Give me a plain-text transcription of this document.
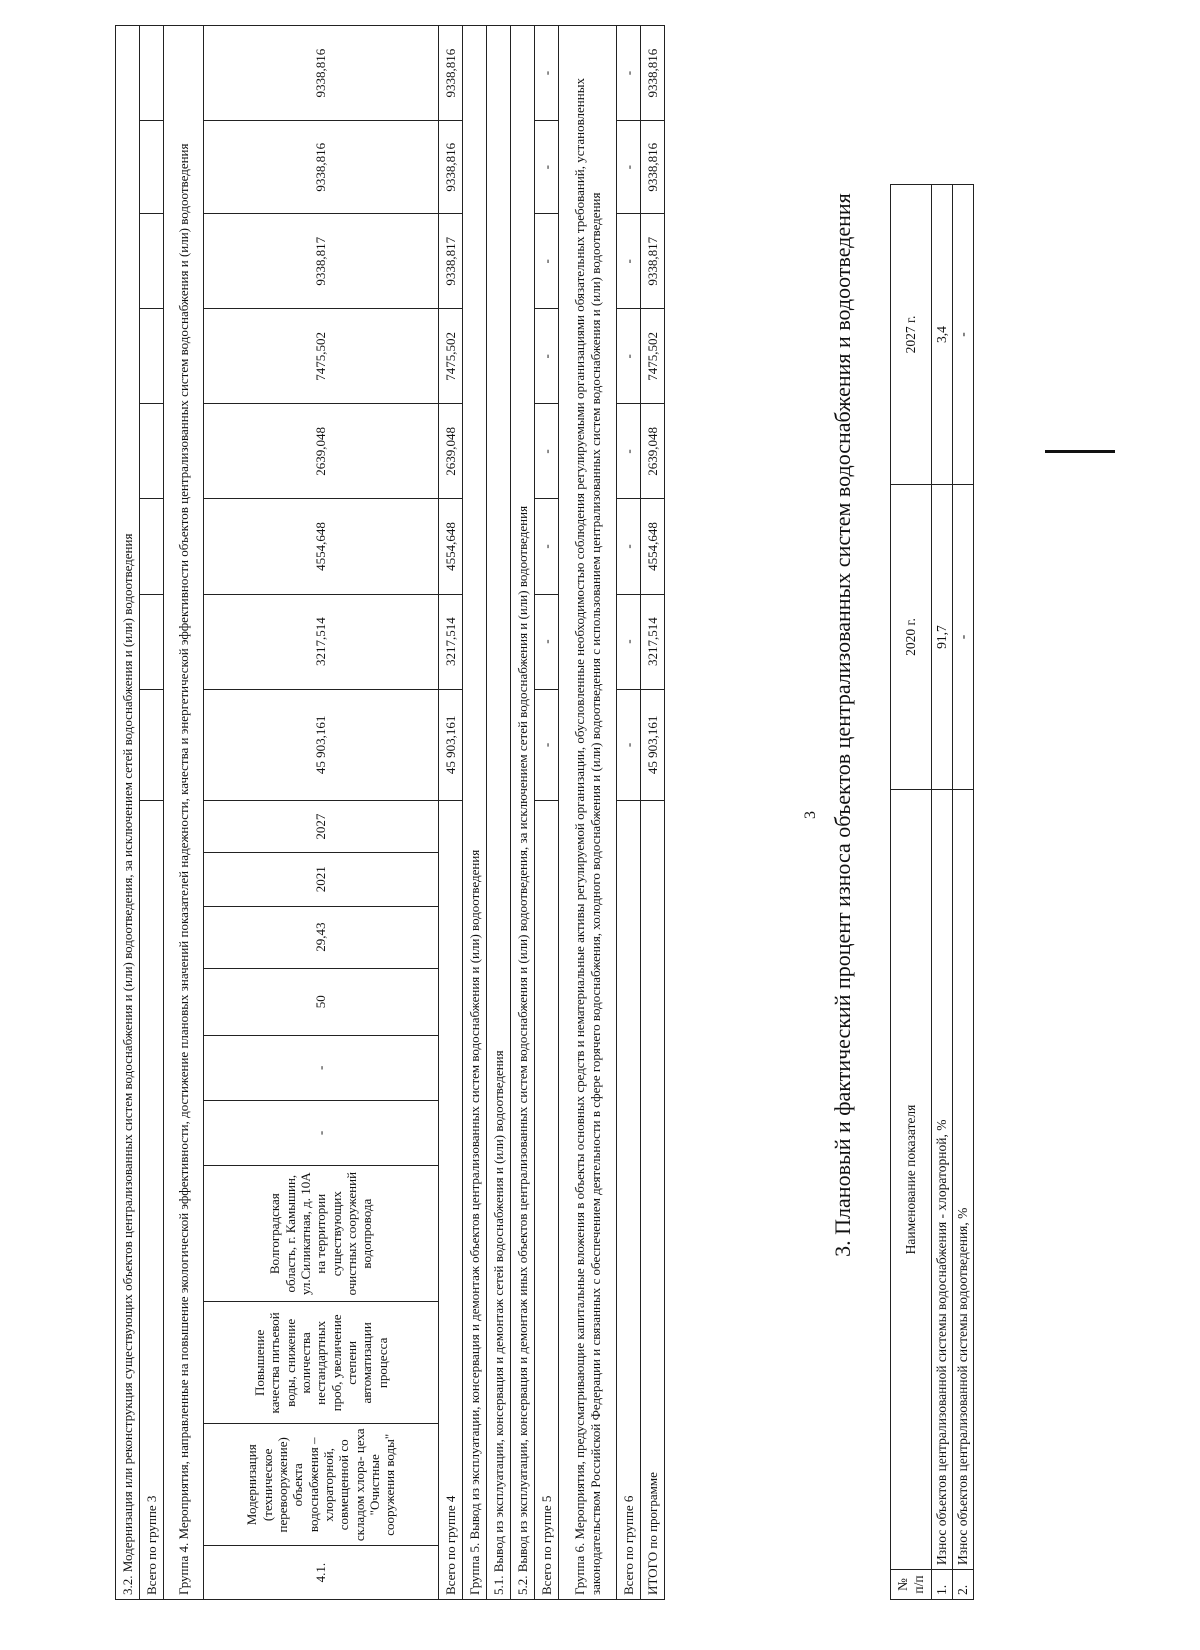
3
3.2. Модернизация или реконструкция существующих объектов централизованных систем водоснабжения и (или) водоотведения, за исключением сетей водоснабжения и (или) водоотведения																	
Всего по группе 3																	
Группа 4. Мероприятия, направленные на повышение экологической эффективности, достижение плановых значений показателей надежности, качества и энергетической эффективности объектов централизованных систем водоснабжения и (или) водоотведения																	
4.1.	Модернизация (техническое перевооружение) объекта водоснабжения – хлораторной, совмещенной со складом хлора- цеха "Очистные сооружения воды"	Повышение качества питьевой воды, снижение количества нестандартных проб, увеличение степени автоматизации процесса	Волгоградская область, г. Камышин, ул.Силикатная, д. 10А на территории существующих очистных сооружений водопровода	-	-	50	29,43	2021	2027	45 903,161	3217,514	4554,648	2639,048	7475,502	9338,817	9338,816	9338,816
Всего по группе 4										45 903,161	3217,514	4554,648	2639,048	7475,502	9338,817	9338,816	9338,816
Группа 5. Вывод из эксплуатации, консервация и демонтаж объектов централизованных систем водоснабжения и (или) водоотведения																	
5.1. Вывод из эксплуатации, консервация и демонтаж сетей водоснабжения и (или) водоотведения																	
5.2. Вывод из эксплуатации, консервация и демонтаж иных объектов централизованных систем водоснабжения и (или) водоотведения, за исключением сетей водоснабжения и (или) водоотведения																	
Всего по группе 5										-	-	-	-	-	-	-	-
Группа 6. Мероприятия, предусматривающие капитальные вложения в объекты основных средств и нематериальные активы регулируемой организации, обусловленные необходимостью соблюдения регулируемыми организациями обязательных требований, установленных законодательством Российской Федерации и связанных с обеспечением деятельности в сфере горячего водоснабжения, холодного водоснабжения и (или) водоотведения с использованием централизованных систем водоснабжения и (или) водоотведения																	
Всего по группе 6										-	-	-	-	-	-	-	-
ИТОГО по программе										45 903,161	3217,514	4554,648	2639,048	7475,502	9338,817	9338,816	9338,816
3. Плановый и фактический процент износа объектов централизованных систем водоснабжения и водоотведения
№ п/п	Наименование показателя	2020 г.	2027 г.
1.	Износ объектов централизованной системы водоснабжения - хлораторной, %	91,7	3,4
2.	Износ объектов централизованной системы водоотведения, %	-	-
